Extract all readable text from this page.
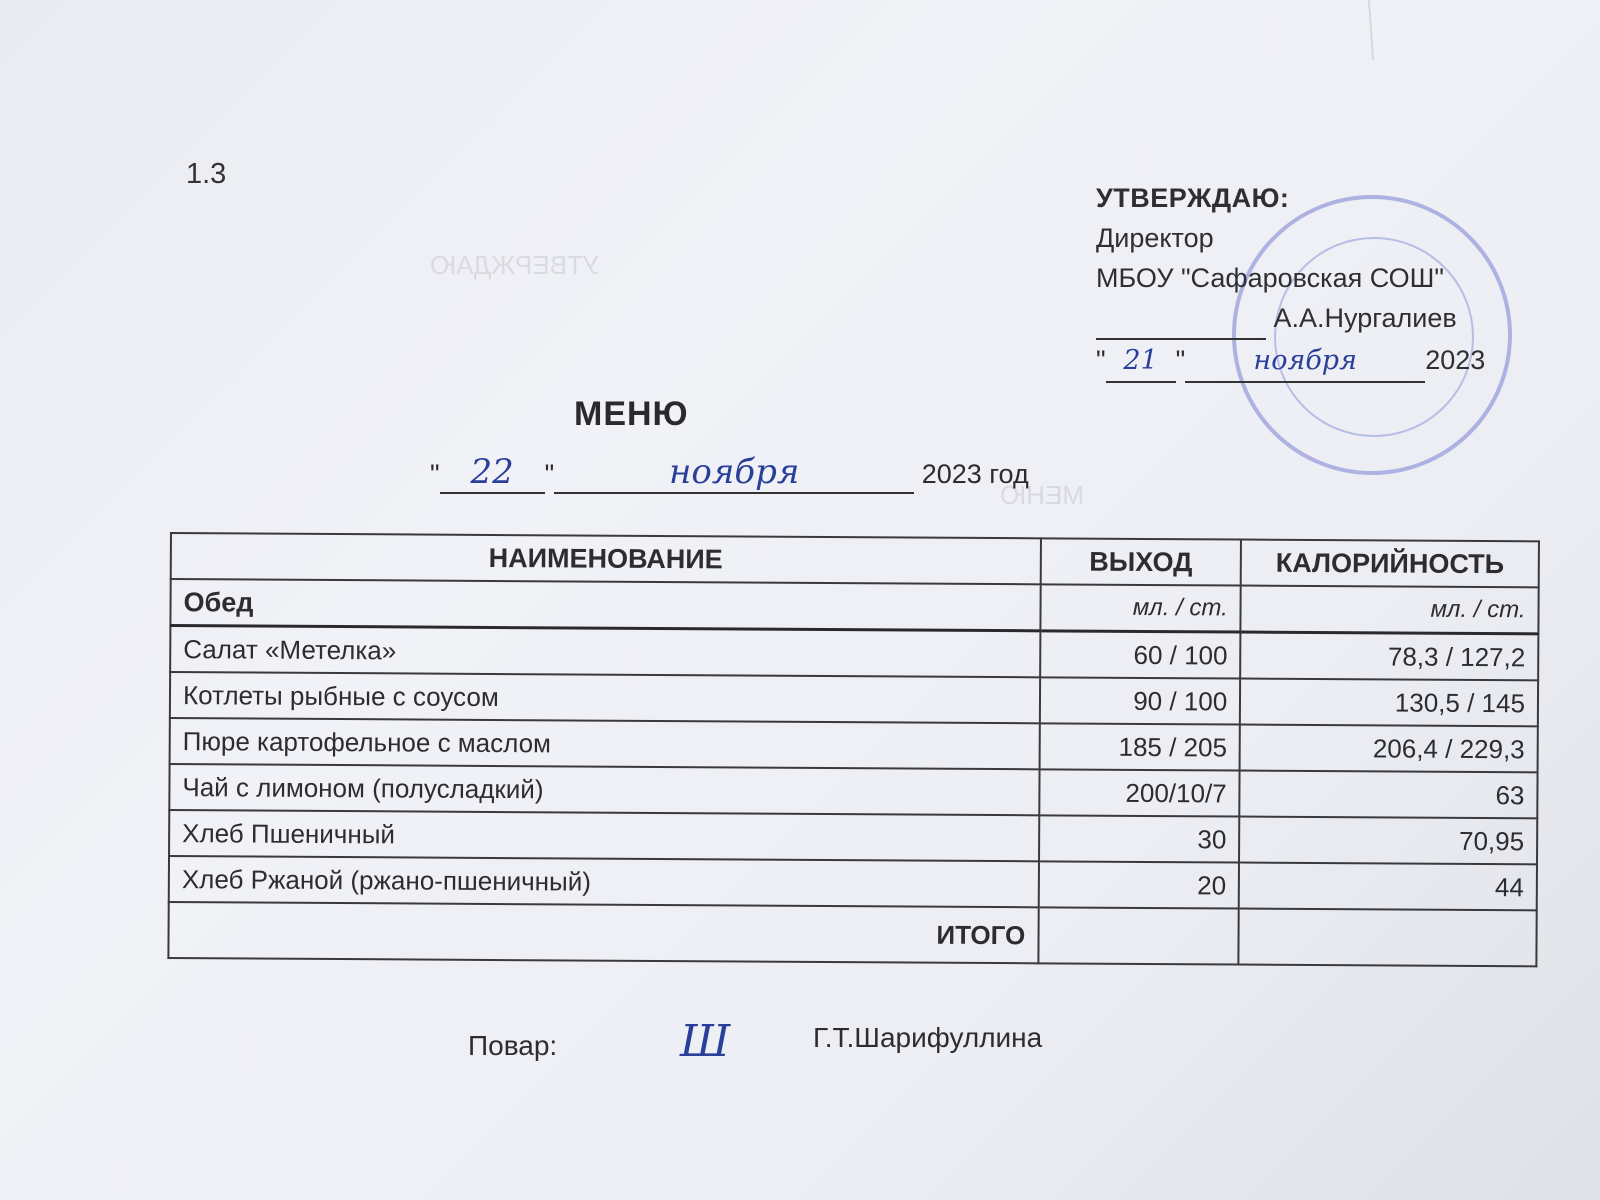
УТВЕРЖДАЮ
МЕНЮ
1.3
УТВЕРЖДАЮ:
Директор
МБОУ "Сафаровская СОШ"
А.А.Нургалиев
" 21 "	ноября	2023
МЕНЮ
" 22 "	ноября	2023 год
НАИМЕНОВАНИЕ	ВЫХОД	КАЛОРИЙНОСТЬ
Обед	мл. / ст.	мл. / ст.
Салат «Метелка»	60 / 100	78,3 / 127,2
Котлеты рыбные с соусом	90 / 100	130,5 / 145
Пюре картофельное с маслом	185 / 205	206,4 / 229,3
Чай с лимоном (полусладкий)	200/10/7	63
Хлеб Пшеничный	30	70,95
Хлеб Ржаной (ржано-пшеничный)	20	44
ИТОГО		
Повар:	Ш	Г.Т.Шарифуллина
